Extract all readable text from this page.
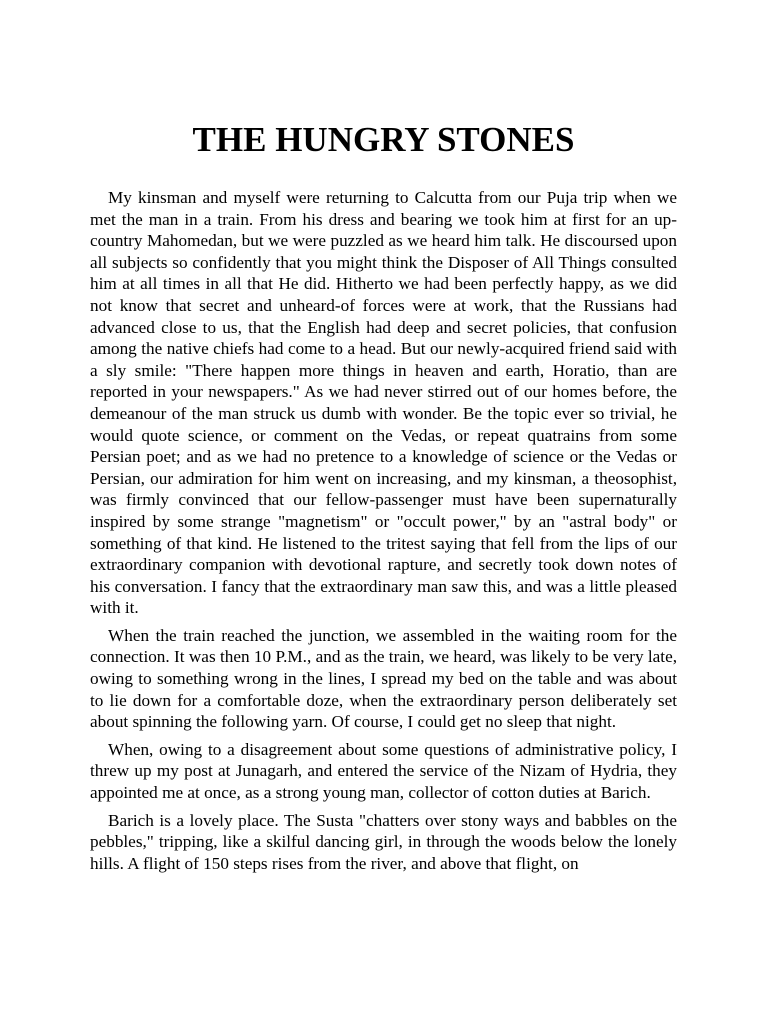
THE HUNGRY STONES

My kinsman and myself were returning to Calcutta from our Puja trip when we met the man in a train. From his dress and bearing we took him at first for an up-country Mahomedan, but we were puzzled as we heard him talk. He discoursed upon all subjects so confidently that you might think the Disposer of All Things consulted him at all times in all that He did. Hitherto we had been perfectly happy, as we did not know that secret and unheard-of forces were at work, that the Russians had advanced close to us, that the English had deep and secret policies, that confusion among the native chiefs had come to a head. But our newly-acquired friend said with a sly smile: "There happen more things in heaven and earth, Horatio, than are reported in your newspapers." As we had never stirred out of our homes before, the demeanour of the man struck us dumb with wonder. Be the topic ever so trivial, he would quote science, or comment on the Vedas, or repeat quatrains from some Persian poet; and as we had no pretence to a knowledge of science or the Vedas or Persian, our admiration for him went on increasing, and my kinsman, a theosophist, was firmly convinced that our fellow-passenger must have been supernaturally inspired by some strange "magnetism" or "occult power," by an "astral body" or something of that kind. He listened to the tritest saying that fell from the lips of our extraordinary companion with devotional rapture, and secretly took down notes of his conversation. I fancy that the extraordinary man saw this, and was a little pleased with it.

When the train reached the junction, we assembled in the waiting room for the connection. It was then 10 P.M., and as the train, we heard, was likely to be very late, owing to something wrong in the lines, I spread my bed on the table and was about to lie down for a comfortable doze, when the extraordinary person deliberately set about spinning the following yarn. Of course, I could get no sleep that night.

When, owing to a disagreement about some questions of administrative policy, I threw up my post at Junagarh, and entered the service of the Nizam of Hydria, they appointed me at once, as a strong young man, collector of cotton duties at Barich.

Barich is a lovely place. The Susta "chatters over stony ways and babbles on the pebbles," tripping, like a skilful dancing girl, in through the woods below the lonely hills. A flight of 150 steps rises from the river, and above that flight, on
